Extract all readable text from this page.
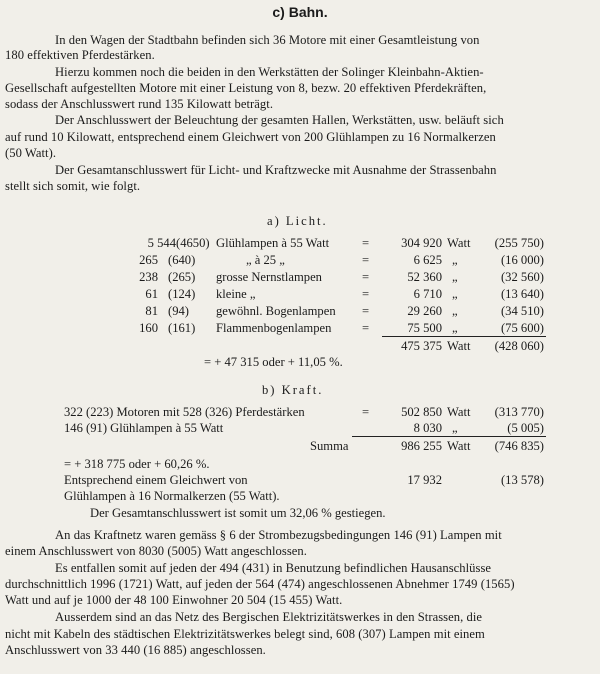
c) Bahn.
In den Wagen der Stadtbahn befinden sich 36 Motore mit einer Gesamtleistung von
180 effektiven Pferdestärken.
Hierzu kommen noch die beiden in den Werkstätten der Solinger Kleinbahn-Aktien-
Gesellschaft aufgestellten Motore mit einer Leistung von 8, bezw. 20 effektiven Pferdekräften,
sodass der Anschlusswert rund 135 Kilowatt beträgt.
Der Anschlusswert der Beleuchtung der gesamten Hallen, Werkstätten, usw. beläuft sich
auf rund 10 Kilowatt, entsprechend einem Gleichwert von 200 Glühlampen zu 16 Normalkerzen
(50 Watt).
Der Gesamtanschlusswert für Licht- und Kraftzwecke mit Ausnahme der Strassenbahn
stellt sich somit, wie folgt.
a) Licht.
5 544 (4650) Glühlampen à 55 Watt	=	304 920 Watt	(255 750)
265 (640)	„ à 25 „	=	6 625 „	(16 000)
238 (265) grosse Nernstlampen	=	52 360 „	(32 560)
61 (124) kleine „	=	6 710 „	(13 640)
81 (94) gewöhnl. Bogenlampen =	29 260 „	(34 510)
160 (161) Flammenbogenlampen =	75 500 „	(75 600)
475 375 Watt	(428 060)
= + 47 315 oder + 11,05 %.
b) Kraft.
322 (223) Motoren mit 528 (326) Pferdestärken	=	502 850 Watt	(313 770)
146 (91) Glühlampen à 55 Watt	8 030 „	(5 005)
Summa	986 255 Watt	(746 835)
= + 318 775 oder + 60,26 %.
Entsprechend einem Gleichwert von	17 932	(13 578)
Glühlampen à 16 Normalkerzen (55 Watt).
Der Gesamtanschlusswert ist somit um 32,06 % gestiegen.
An das Kraftnetz waren gemäss § 6 der Strombezugsbedingungen 146 (91) Lampen mit
einem Anschlusswert von 8030 (5005) Watt angeschlossen.
Es entfallen somit auf jeden der 494 (431) in Benutzung befindlichen Hausanschlüsse
durchschnittlich 1996 (1721) Watt, auf jeden der 564 (474) angeschlossenen Abnehmer 1749 (1565)
Watt und auf je 1000 der 48 100 Einwohner 20 504 (15 455) Watt.
Ausserdem sind an das Netz des Bergischen Elektrizitätswerkes in den Strassen, die
nicht mit Kabeln des städtischen Elektrizitätswerkes belegt sind, 608 (307) Lampen mit einem
Anschlusswert von 33 440 (16 885) angeschlossen.
